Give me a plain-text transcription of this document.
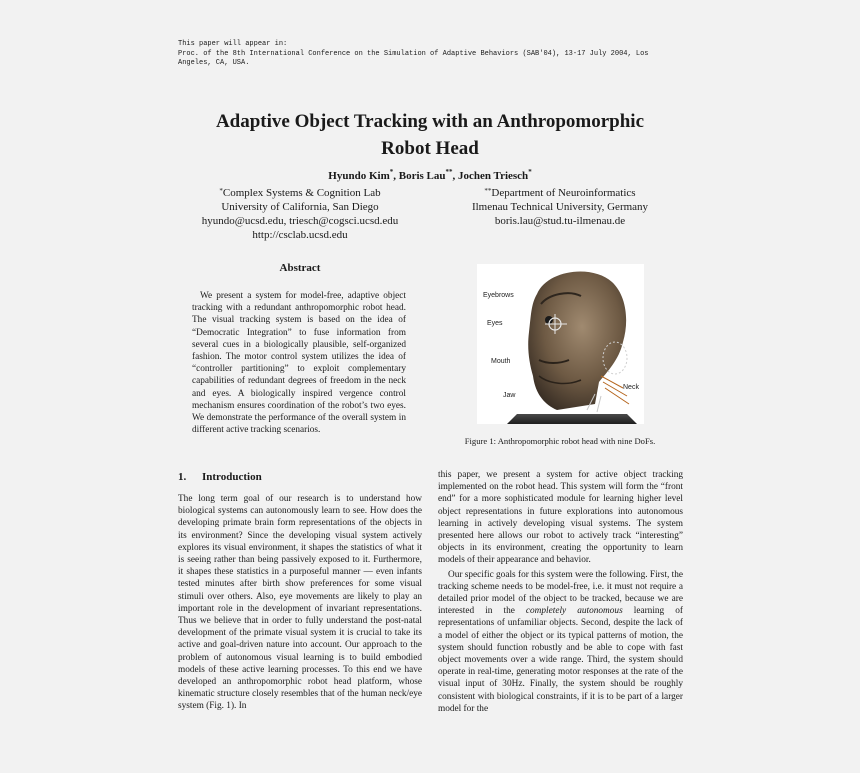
This paper will appear in:
Proc. of the 8th International Conference on the Simulation of Adaptive Behaviors (SAB'04), 13-17 July 2004, Los Angeles, CA, USA.
Adaptive Object Tracking with an Anthropomorphic
Robot Head
Hyundo Kim*, Boris Lau**, Jochen Triesch*
*Complex Systems & Cognition Lab
University of California, San Diego
hyundo@ucsd.edu, triesch@cogsci.ucsd.edu
http://csclab.ucsd.edu
**Department of Neuroinformatics
Ilmenau Technical University, Germany
boris.lau@stud.tu-ilmenau.de
Abstract
We present a system for model-free, adaptive object tracking with a redundant anthropomorphic robot head. The visual tracking system is based on the idea of “Democratic Integration” to fuse information from several cues in a biologically plausible, self-organized fashion. The motor control system utilizes the idea of “controller partitioning” to exploit complementary capabilities of redundant degrees of freedom in the neck and eyes. A biologically inspired vergence control mechanism ensures coordination of the robot’s two eyes. We demonstrate the performance of the overall system in different active tracking scenarios.
Eyebrows
Eyes
Mouth
Jaw
Neck
Figure 1: Anthropomorphic robot head with nine DoFs.
1. Introduction
The long term goal of our research is to understand how biological systems can autonomously learn to see. How does the developing primate brain form representations of the objects in its environment? Since the developing visual system actively explores its visual environment, it shapes the statistics of what it is seeing rather than being passively exposed to it. Furthermore, it shapes these statistics in a purposeful manner — even infants tested minutes after birth show preferences for some visual stimuli over others. Also, eye movements are likely to play an important role in the development of invariant representations. Thus we believe that in order to fully understand the post-natal development of the primate visual system it is crucial to take its active and goal-driven nature into account. Our approach to the problem of autonomous visual learning is to build embodied models of these active learning processes. To this end we have developed an anthropomorphic robot head platform, whose kinematic structure closely resembles that of the human neck/eye system (Fig. 1). In

this paper, we present a system for active object tracking implemented on the robot head. This system will form the “front end” for a more sophisticated module for learning higher level object representations in future explorations into autonomous learning in actively developing visual systems. The system presented here allows our robot to actively track “interesting” objects in its environment, creating the opportunity to learn models of their appearance and behavior.

Our specific goals for this system were the following. First, the tracking scheme needs to be model-free, i.e. it must not require a detailed prior model of the object to be tracked, because we are interested in the completely autonomous learning of representations of unfamiliar objects. Second, despite the lack of a model of either the object or its typical patterns of motion, the system should function robustly and be able to cope with fast object movements over a wide range. Third, the system should operate in real-time, generating motor responses at the rate of the visual input of 30Hz. Finally, the system should be roughly consistent with biological constraints, if it is to be part of a larger model for the
